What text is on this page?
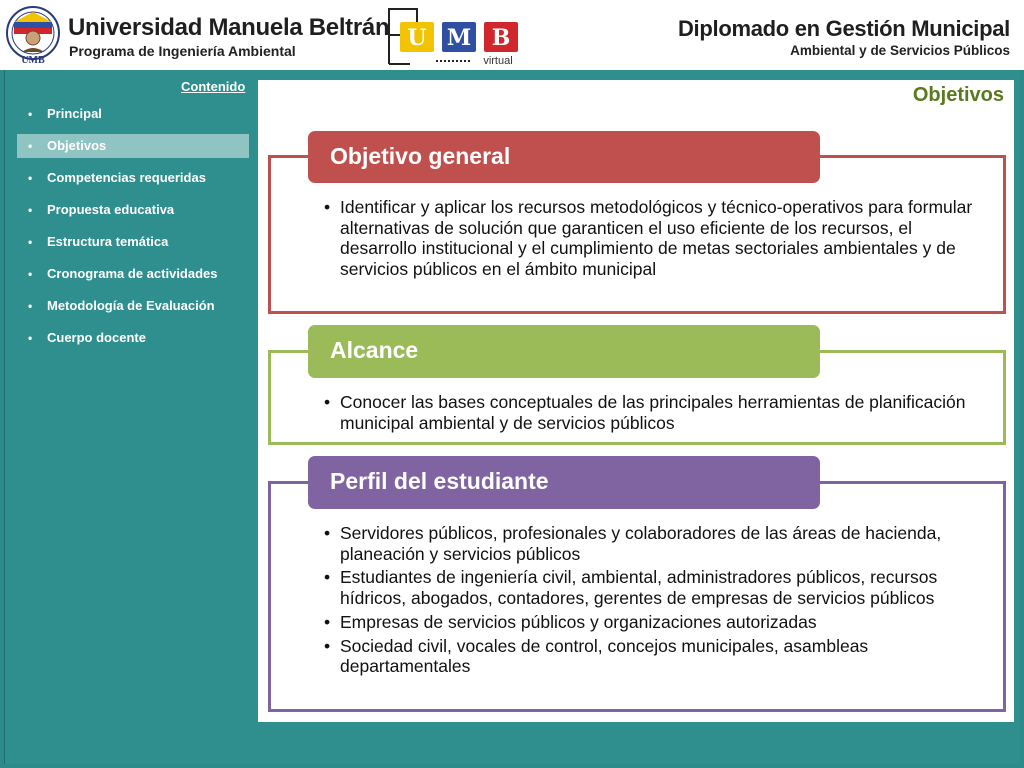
UMB
Universidad Manuela Beltrán
Programa de Ingeniería Ambiental	U M B
virtual
Diplomado en Gestión Municipal
Ambiental y de Servicios Públicos
Contenido
• Principal
• Objetivos
• Competencias requeridas
• Propuesta educativa
• Estructura temática
• Cronograma de actividades
• Metodología de Evaluación
• Cuerpo docente
Objetivos
Objetivo general
• Identificar y aplicar los recursos metodológicos y técnico-operativos para formular alternativas de solución que garanticen el uso eficiente de los recursos, el desarrollo institucional y el cumplimiento de metas sectoriales ambientales y de servicios públicos en el ámbito municipal
Alcance
• Conocer las bases conceptuales de las principales herramientas de planificación municipal ambiental y de servicios públicos
Perfil del estudiante
• Servidores públicos, profesionales y colaboradores de las áreas de hacienda, planeación y servicios públicos
• Estudiantes de ingeniería civil, ambiental, administradores públicos, recursos hídricos, abogados, contadores, gerentes de empresas de servicios públicos
• Empresas de servicios públicos y organizaciones autorizadas
• Sociedad civil, vocales de control, concejos municipales, asambleas departamentales
